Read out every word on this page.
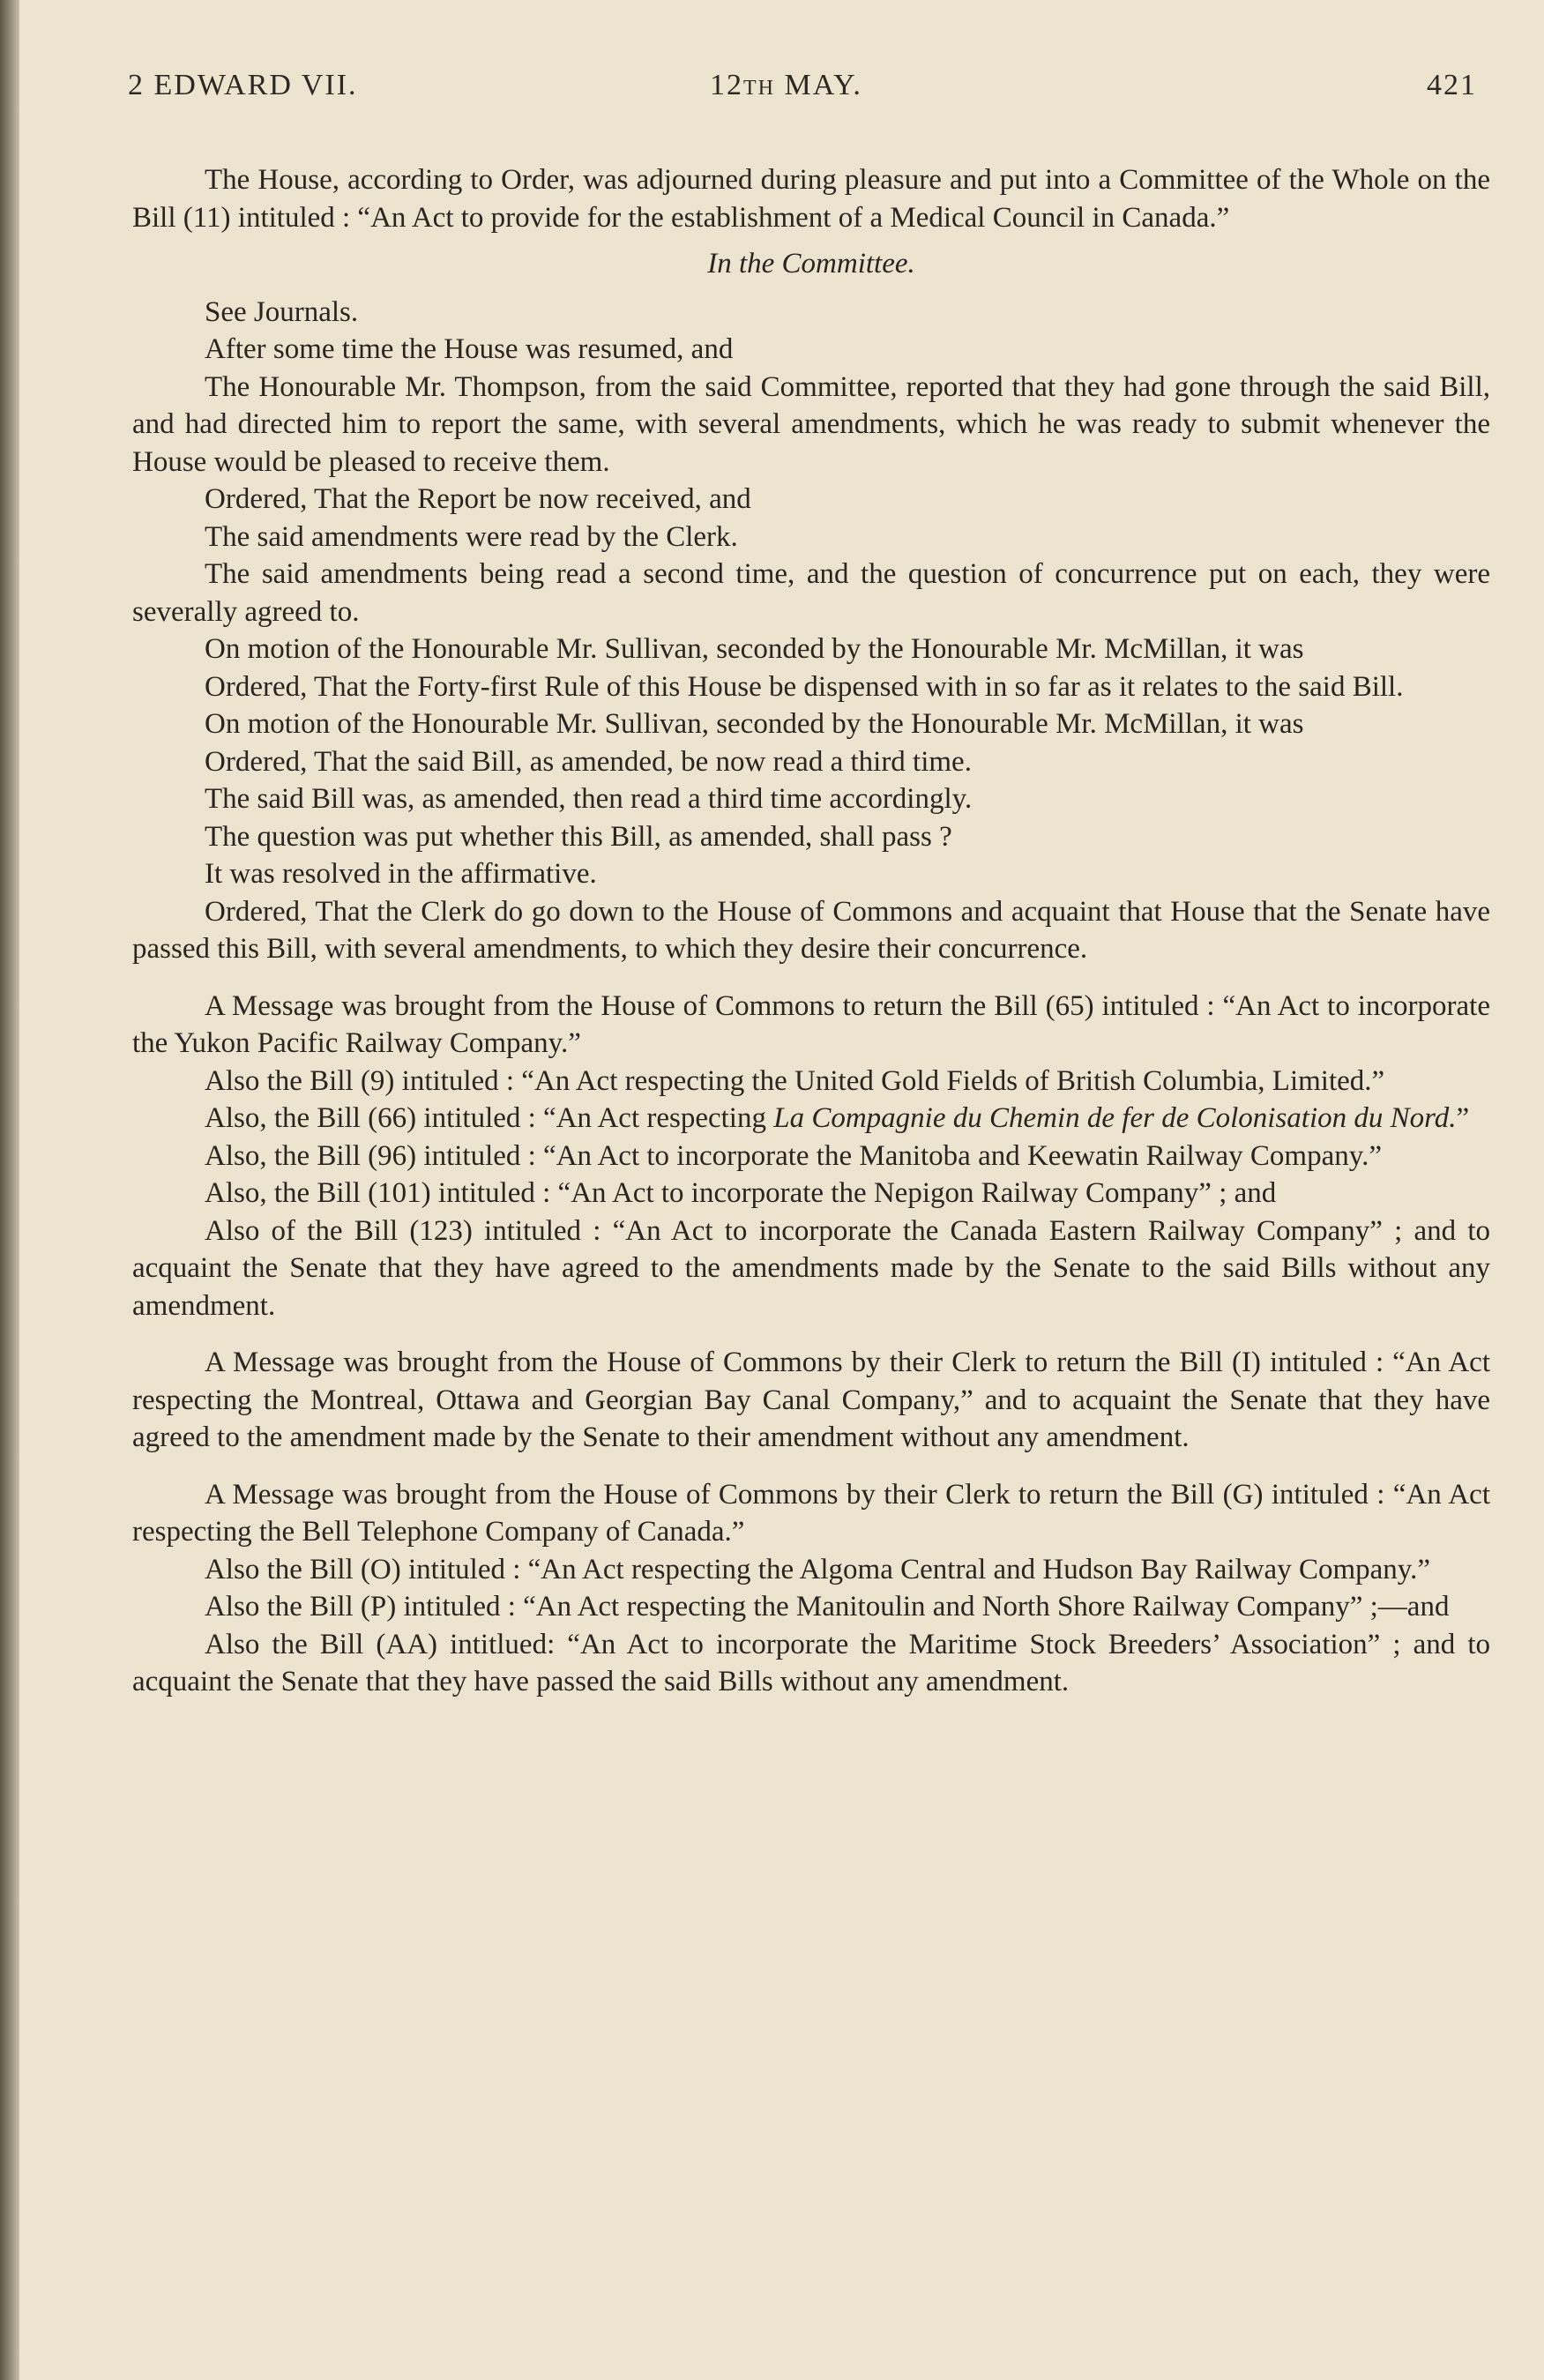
2 EDWARD VII.	12TH MAY.	421

The House, according to Order, was adjourned during pleasure and put into a Committee of the Whole on the Bill (11) intituled : “An Act to provide for the establishment of a Medical Council in Canada.”

In the Committee.

See Journals.

After some time the House was resumed, and

The Honourable Mr. Thompson, from the said Committee, reported that they had gone through the said Bill, and had directed him to report the same, with several amendments, which he was ready to submit whenever the House would be pleased to receive them.

Ordered, That the Report be now received, and

The said amendments were read by the Clerk.

The said amendments being read a second time, and the question of concurrence put on each, they were severally agreed to.

On motion of the Honourable Mr. Sullivan, seconded by the Honourable Mr. McMillan, it was

Ordered, That the Forty-first Rule of this House be dispensed with in so far as it relates to the said Bill.

On motion of the Honourable Mr. Sullivan, seconded by the Honourable Mr. McMillan, it was

Ordered, That the said Bill, as amended, be now read a third time.

The said Bill was, as amended, then read a third time accordingly.

The question was put whether this Bill, as amended, shall pass ?

It was resolved in the affirmative.

Ordered, That the Clerk do go down to the House of Commons and acquaint that House that the Senate have passed this Bill, with several amendments, to which they desire their concurrence.

A Message was brought from the House of Commons to return the Bill (65) intituled : “An Act to incorporate the Yukon Pacific Railway Company.”

Also the Bill (9) intituled : “An Act respecting the United Gold Fields of British Columbia, Limited.”

Also, the Bill (66) intituled : “An Act respecting La Compagnie du Chemin de fer de Colonisation du Nord.”

Also, the Bill (96) intituled : “An Act to incorporate the Manitoba and Keewatin Railway Company.”

Also, the Bill (101) intituled : “An Act to incorporate the Nepigon Railway Company” ; and

Also of the Bill (123) intituled : “An Act to incorporate the Canada Eastern Railway Company” ; and to acquaint the Senate that they have agreed to the amendments made by the Senate to the said Bills without any amendment.

A Message was brought from the House of Commons by their Clerk to return the Bill (I) intituled : “An Act respecting the Montreal, Ottawa and Georgian Bay Canal Company,” and to acquaint the Senate that they have agreed to the amendment made by the Senate to their amendment without any amendment.

A Message was brought from the House of Commons by their Clerk to return the Bill (G) intituled : “An Act respecting the Bell Telephone Company of Canada.”

Also the Bill (O) intituled : “An Act respecting the Algoma Central and Hudson Bay Railway Company.”

Also the Bill (P) intituled : “An Act respecting the Manitoulin and North Shore Railway Company” ;—and

Also the Bill (AA) intitlued: “An Act to incorporate the Maritime Stock Breeders’ Association” ; and to acquaint the Senate that they have passed the said Bills without any amendment.
